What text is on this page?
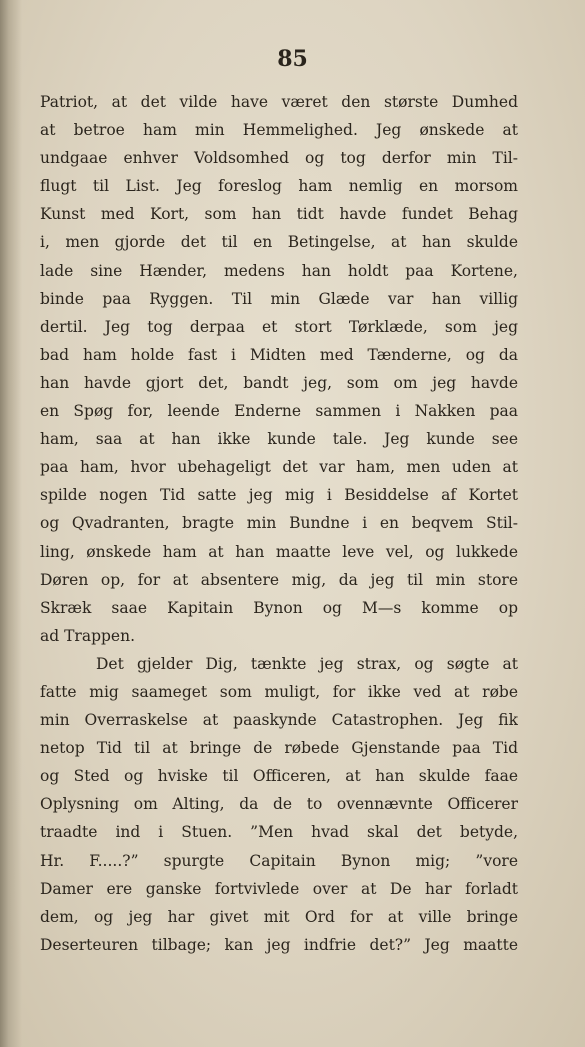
85
Patriot, at det vilde have været den største Dumhed
at betroe ham min Hemmelighed. Jeg ønskede at
undgaae enhver Voldsomhed og tog derfor min Til-
flugt til List. Jeg foreslog ham nemlig en morsom
Kunst med Kort, som han tidt havde fundet Behag
i, men gjorde det til en Betingelse, at han skulde
lade sine Hænder, medens han holdt paa Kortene,
binde paa Ryggen. Til min Glæde var han villig
dertil. Jeg tog derpaa et stort Tørklæde, som jeg
bad ham holde fast i Midten med Tænderne, og da
han havde gjort det, bandt jeg, som om jeg havde
en Spøg for, leende Enderne sammen i Nakken paa
ham, saa at han ikke kunde tale. Jeg kunde see
paa ham, hvor ubehageligt det var ham, men uden at
spilde nogen Tid satte jeg mig i Besiddelse af Kortet
og Qvadranten, bragte min Bundne i en beqvem Stil-
ling, ønskede ham at han maatte leve vel, og lukkede
Døren op, for at absentere mig, da jeg til min store
Skræk saae Kapitain Bynon og M—s komme op
ad Trappen.
Det gjelder Dig, tænkte jeg strax, og søgte at
fatte mig saameget som muligt, for ikke ved at røbe
min Overraskelse at paaskynde Catastrophen. Jeg fik
netop Tid til at bringe de røbede Gjenstande paa Tid
og Sted og hviske til Officeren, at han skulde faae
Oplysning om Alting, da de to ovennævnte Officerer
traadte ind i Stuen. ”Men hvad skal det betyde,
Hr. F.....?” spurgte Capitain Bynon mig; ”vore
Damer ere ganske fortvivlede over at De har forladt
dem, og jeg har givet mit Ord for at ville bringe
Deserteuren tilbage; kan jeg indfrie det?” Jeg maatte
